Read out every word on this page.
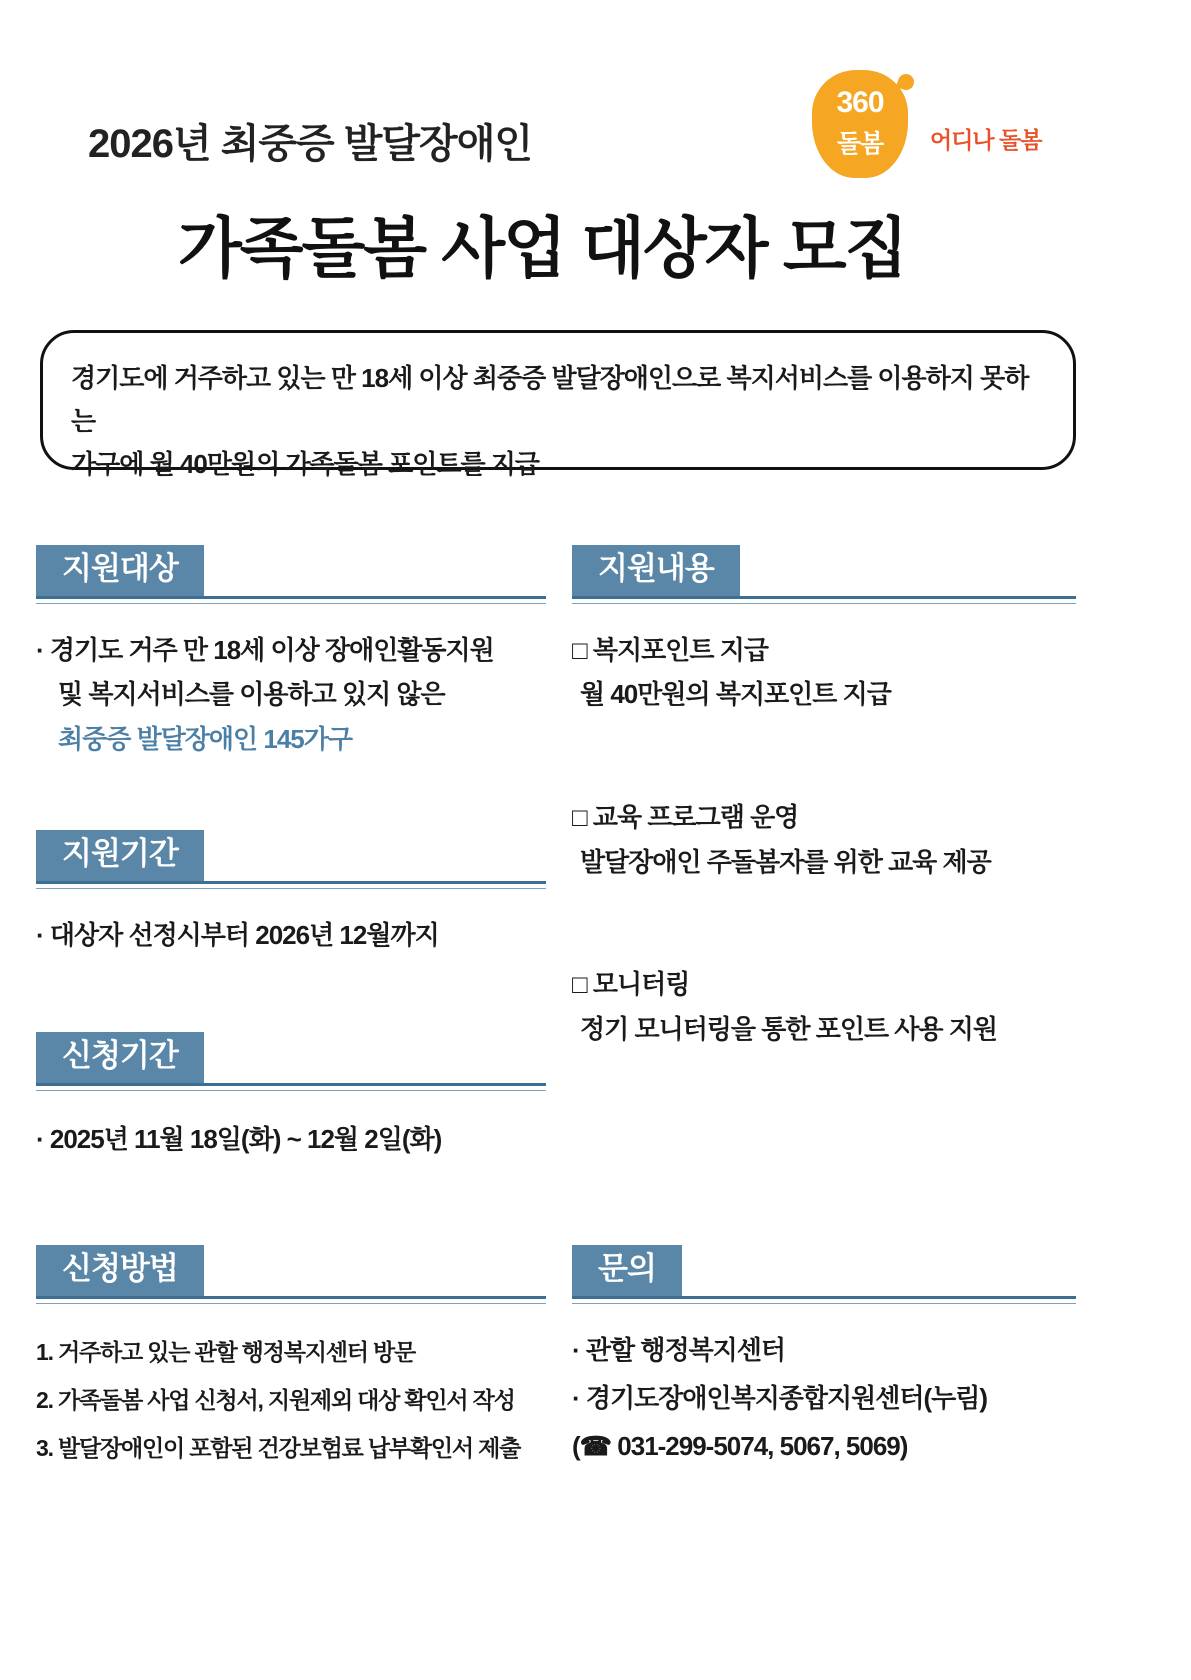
2026년 최중증 발달장애인
가족돌봄 사업 대상자 모집
360
돌봄	어디나 돌봄
경기도에 거주하고 있는 만 18세 이상 최중증 발달장애인으로 복지서비스를 이용하지 못하는
가구에 월 40만원의 가족돌봄 포인트를 지급
지원대상
· 경기도 거주 만 18세 이상 장애인활동지원
및 복지서비스를 이용하고 있지 않은
최중증 발달장애인 145가구
지원기간
· 대상자 선정시부터 2026년 12월까지
신청기간
· 2025년 11월 18일(화) ~ 12월 2일(화)
신청방법
1. 거주하고 있는 관할 행정복지센터 방문
2. 가족돌봄 사업 신청서, 지원제외 대상 확인서 작성
3. 발달장애인이 포함된 건강보험료 납부확인서 제출
지원내용
□ 복지포인트 지급
월 40만원의 복지포인트 지급
□ 교육 프로그램 운영
발달장애인 주돌봄자를 위한 교육 제공
□ 모니터링
정기 모니터링을 통한 포인트 사용 지원
문의
· 관할 행정복지센터
· 경기도장애인복지종합지원센터(누림)
(☎ 031-299-5074, 5067, 5069)
